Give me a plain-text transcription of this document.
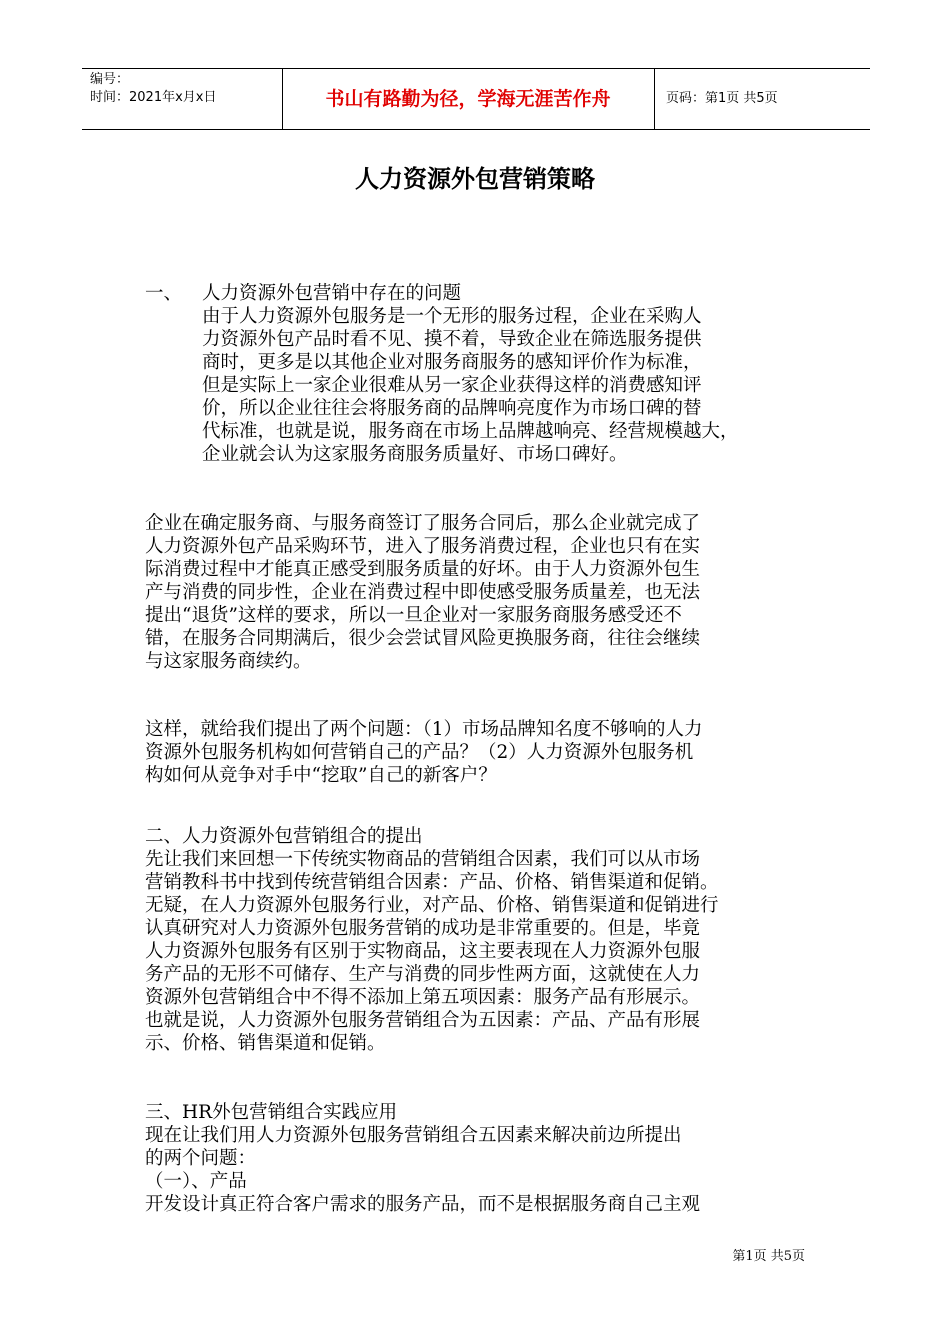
编号：
时间：2021年x月x日	书山有路勤为径，学海无涯苦作舟	页码：第1页 共5页
人力资源外包营销策略
一、 人力资源外包营销中存在的问题
由于人力资源外包服务是一个无形的服务过程，企业在采购人
力资源外包产品时看不见、摸不着，导致企业在筛选服务提供
商时，更多是以其他企业对服务商服务的感知评价作为标准，
但是实际上一家企业很难从另一家企业获得这样的消费感知评
价，所以企业往往会将服务商的品牌响亮度作为市场口碑的替
代标准，也就是说，服务商在市场上品牌越响亮、经营规模越大，
企业就会认为这家服务商服务质量好、市场口碑好。
企业在确定服务商、与服务商签订了服务合同后，那么企业就完成了
人力资源外包产品采购环节，进入了服务消费过程，企业也只有在实
际消费过程中才能真正感受到服务质量的好坏。由于人力资源外包生
产与消费的同步性，企业在消费过程中即使感受服务质量差，也无法
提出“退货”这样的要求，所以一旦企业对一家服务商服务感受还不
错，在服务合同期满后，很少会尝试冒风险更换服务商，往往会继续
与这家服务商续约。
这样，就给我们提出了两个问题：（1）市场品牌知名度不够响的人力
资源外包服务机构如何营销自己的产品？（2）人力资源外包服务机
构如何从竞争对手中“挖取”自己的新客户？
二、人力资源外包营销组合的提出
先让我们来回想一下传统实物商品的营销组合因素，我们可以从市场
营销教科书中找到传统营销组合因素：产品、价格、销售渠道和促销。
无疑，在人力资源外包服务行业，对产品、价格、销售渠道和促销进行
认真研究对人力资源外包服务营销的成功是非常重要的。但是，毕竟
人力资源外包服务有区别于实物商品，这主要表现在人力资源外包服
务产品的无形不可储存、生产与消费的同步性两方面，这就使在人力
资源外包营销组合中不得不添加上第五项因素：服务产品有形展示。
也就是说，人力资源外包服务营销组合为五因素：产品、产品有形展
示、价格、销售渠道和促销。
三、HR外包营销组合实践应用
现在让我们用人力资源外包服务营销组合五因素来解决前边所提出
的两个问题：
（一）、产品
开发设计真正符合客户需求的服务产品，而不是根据服务商自己主观
第1页 共5页
